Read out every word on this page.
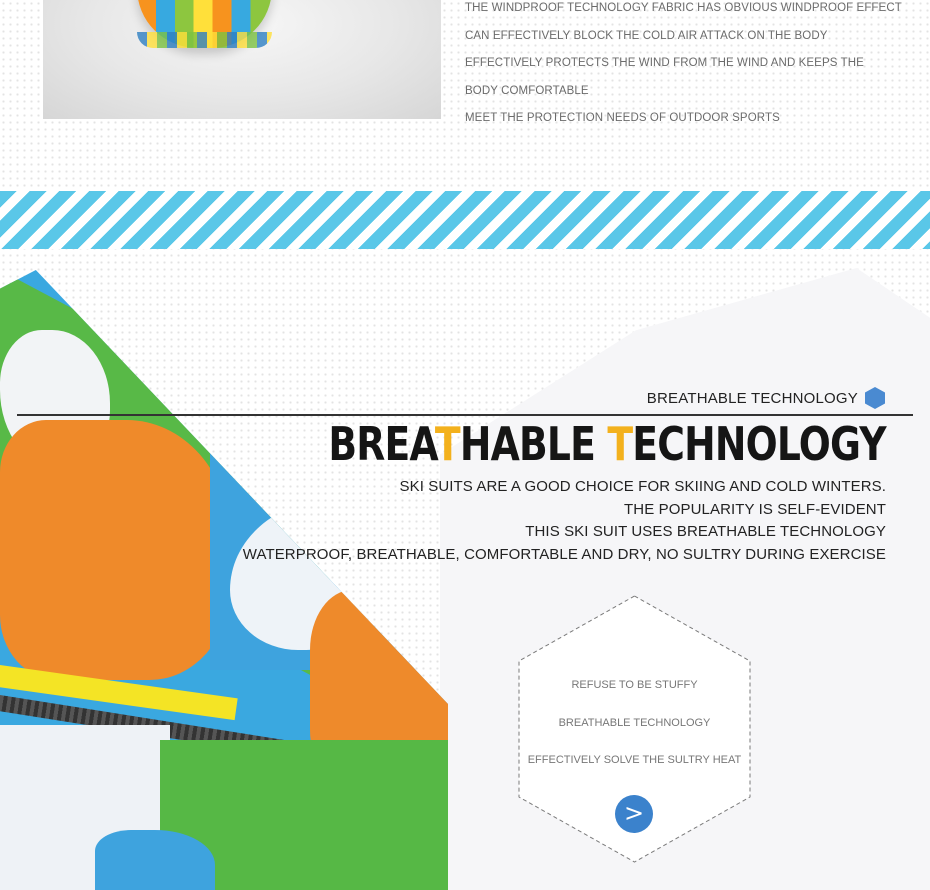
THE WINDPROOF TECHNOLOGY FABRIC HAS OBVIOUS WINDPROOF EFFECT
CAN EFFECTIVELY BLOCK THE COLD AIR ATTACK ON THE BODY
EFFECTIVELY PROTECTS THE WIND FROM THE WIND AND KEEPS THE
BODY COMFORTABLE
MEET THE PROTECTION NEEDS OF OUTDOOR SPORTS
BREATHABLE TECHNOLOGY
BREATHABLE TECHNOLOGY
SKI SUITS ARE A GOOD CHOICE FOR SKIING AND COLD WINTERS.
THE POPULARITY IS SELF-EVIDENT
THIS SKI SUIT USES BREATHABLE TECHNOLOGY
WATERPROOF, BREATHABLE, COMFORTABLE AND DRY, NO SULTRY DURING EXERCISE
REFUSE TO BE STUFFY
BREATHABLE TECHNOLOGY
EFFECTIVELY SOLVE THE SULTRY HEAT
>
